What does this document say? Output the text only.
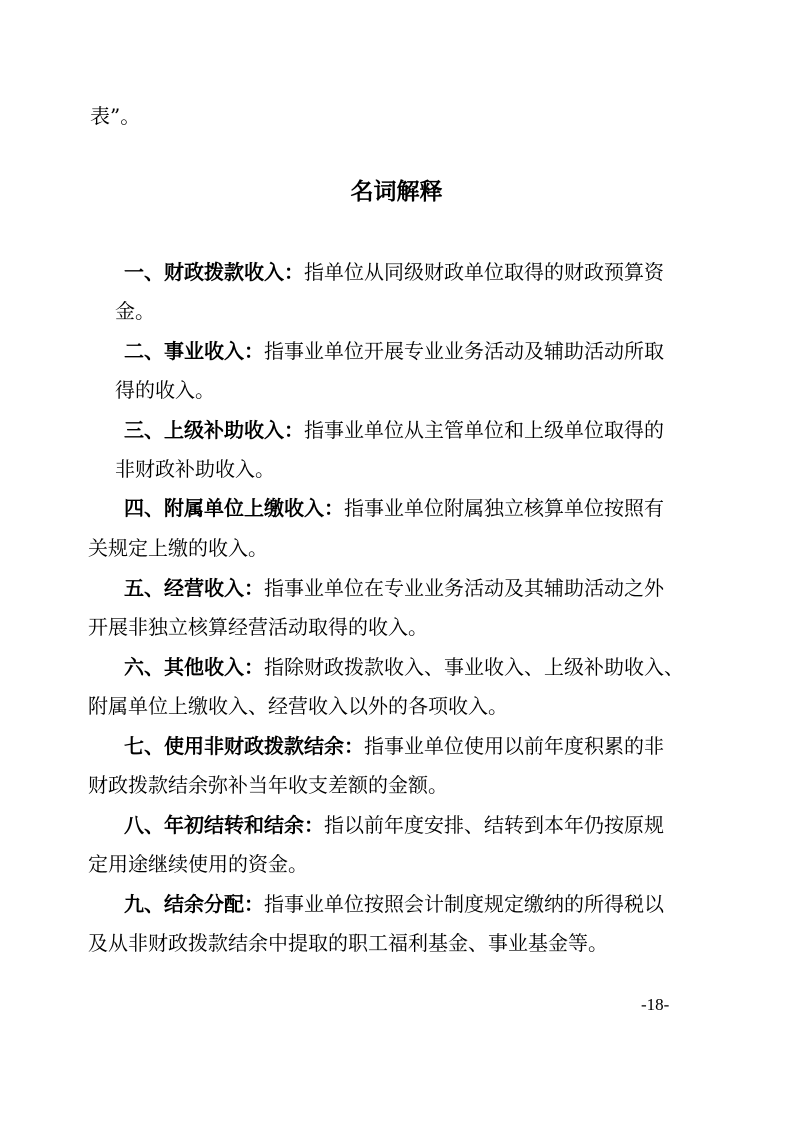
表”。
名词解释
一、财政拨款收入：指单位从同级财政单位取得的财政预算资
金。
二、事业收入：指事业单位开展专业业务活动及辅助活动所取
得的收入。
三、上级补助收入：指事业单位从主管单位和上级单位取得的
非财政补助收入。
四、附属单位上缴收入：指事业单位附属独立核算单位按照有
关规定上缴的收入。
五、经营收入：指事业单位在专业业务活动及其辅助活动之外
开展非独立核算经营活动取得的收入。
六、其他收入：指除财政拨款收入、事业收入、上级补助收入、
附属单位上缴收入、经营收入以外的各项收入。
七、使用非财政拨款结余：指事业单位使用以前年度积累的非
财政拨款结余弥补当年收支差额的金额。
八、年初结转和结余：指以前年度安排、结转到本年仍按原规
定用途继续使用的资金。
九、结余分配：指事业单位按照会计制度规定缴纳的所得税以
及从非财政拨款结余中提取的职工福利基金、事业基金等。
-18-
